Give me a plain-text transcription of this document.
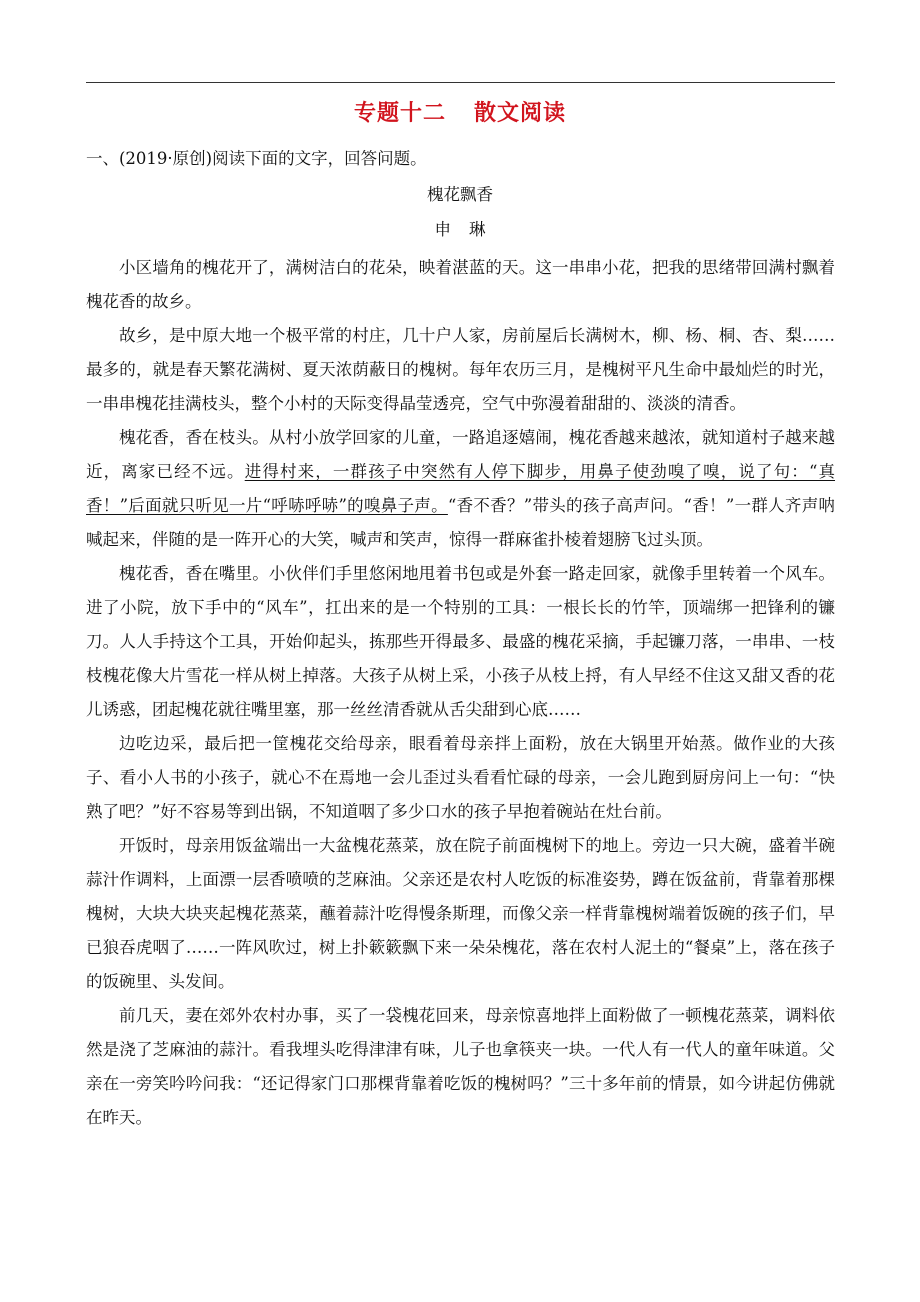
专题十二 散文阅读
一、(2019·原创)阅读下面的文字，回答问题。
槐花飘香
申琳

小区墙角的槐花开了，满树洁白的花朵，映着湛蓝的天。这一串串小花，把我的思绪带回满村飘着槐花香的故乡。

故乡，是中原大地一个极平常的村庄，几十户人家，房前屋后长满树木，柳、杨、桐、杏、梨……最多的，就是春天繁花满树、夏天浓荫蔽日的槐树。每年农历三月，是槐树平凡生命中最灿烂的时光，一串串槐花挂满枝头，整个小村的天际变得晶莹透亮，空气中弥漫着甜甜的、淡淡的清香。

槐花香，香在枝头。从村小放学回家的儿童，一路追逐嬉闹，槐花香越来越浓，就知道村子越来越近，离家已经不远。进得村来，一群孩子中突然有人停下脚步，用鼻子使劲嗅了嗅，说了句：“真香！”后面就只听见一片“呼哧呼哧”的嗅鼻子声。“香不香？”带头的孩子高声问。“香！”一群人齐声呐喊起来，伴随的是一阵开心的大笑，喊声和笑声，惊得一群麻雀扑棱着翅膀飞过头顶。

槐花香，香在嘴里。小伙伴们手里悠闲地甩着书包或是外套一路走回家，就像手里转着一个风车。进了小院，放下手中的“风车”，扛出来的是一个特别的工具：一根长长的竹竿，顶端绑一把锋利的镰刀。人人手持这个工具，开始仰起头，拣那些开得最多、最盛的槐花采摘，手起镰刀落，一串串、一枝枝槐花像大片雪花一样从树上掉落。大孩子从树上采，小孩子从枝上捋，有人早经不住这又甜又香的花儿诱惑，团起槐花就往嘴里塞，那一丝丝清香就从舌尖甜到心底……

边吃边采，最后把一筐槐花交给母亲，眼看着母亲拌上面粉，放在大锅里开始蒸。做作业的大孩子、看小人书的小孩子，就心不在焉地一会儿歪过头看看忙碌的母亲，一会儿跑到厨房问上一句：“快熟了吧？”好不容易等到出锅，不知道咽了多少口水的孩子早抱着碗站在灶台前。

开饭时，母亲用饭盆端出一大盆槐花蒸菜，放在院子前面槐树下的地上。旁边一只大碗，盛着半碗蒜汁作调料，上面漂一层香喷喷的芝麻油。父亲还是农村人吃饭的标准姿势，蹲在饭盆前，背靠着那棵槐树，大块大块夹起槐花蒸菜，蘸着蒜汁吃得慢条斯理，而像父亲一样背靠槐树端着饭碗的孩子们，早已狼吞虎咽了……一阵风吹过，树上扑簌簌飘下来一朵朵槐花，落在农村人泥土的“餐桌”上，落在孩子的饭碗里、头发间。

前几天，妻在郊外农村办事，买了一袋槐花回来，母亲惊喜地拌上面粉做了一顿槐花蒸菜，调料依然是浇了芝麻油的蒜汁。看我埋头吃得津津有味，儿子也拿筷夹一块。一代人有一代人的童年味道。父亲在一旁笑吟吟问我：“还记得家门口那棵背靠着吃饭的槐树吗？”三十多年前的情景，如今讲起仿佛就在昨天。
